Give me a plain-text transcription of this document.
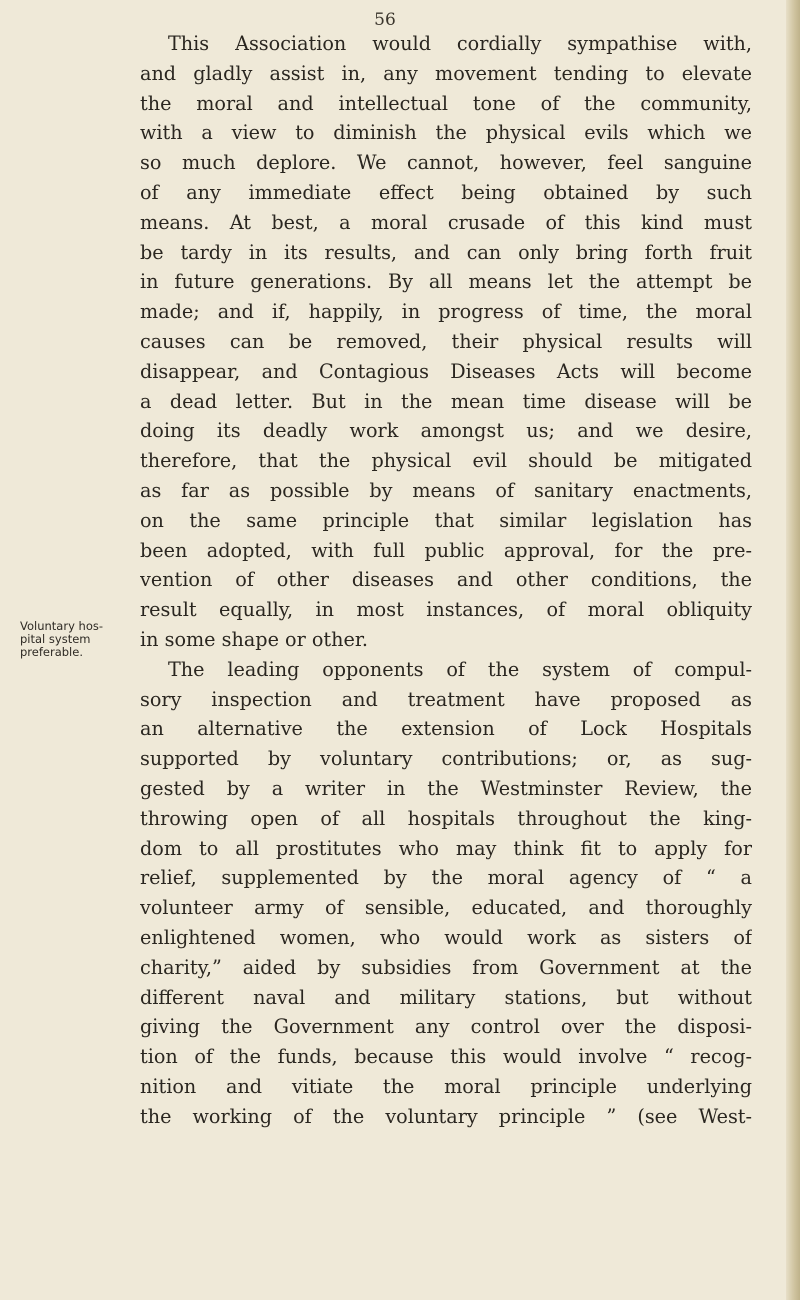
56
Voluntary hos-
pital system
preferable.
This Association would cordially sympathise with,
and gladly assist in, any movement tending to elevate
the moral and intellectual tone of the community,
with a view to diminish the physical evils which we
so much deplore. We cannot, however, feel sanguine
of any immediate effect being obtained by such
means. At best, a moral crusade of this kind must
be tardy in its results, and can only bring forth fruit
in future generations. By all means let the attempt be
made; and if, happily, in progress of time, the moral
causes can be removed, their physical results will
disappear, and Contagious Diseases Acts will become
a dead letter. But in the mean time disease will be
doing its deadly work amongst us; and we desire,
therefore, that the physical evil should be mitigated
as far as possible by means of sanitary enactments,
on the same principle that similar legislation has
been adopted, with full public approval, for the pre-
vention of other diseases and other conditions, the
result equally, in most instances, of moral obliquity
in some shape or other.
The leading opponents of the system of compul-
sory inspection and treatment have proposed as
an alternative the extension of Lock Hospitals
supported by voluntary contributions; or, as sug-
gested by a writer in the Westminster Review, the
throwing open of all hospitals throughout the king-
dom to all prostitutes who may think fit to apply for
relief, supplemented by the moral agency of “ a
volunteer army of sensible, educated, and thoroughly
enlightened women, who would work as sisters of
charity,” aided by subsidies from Government at the
different naval and military stations, but without
giving the Government any control over the disposi-
tion of the funds, because this would involve “ recog-
nition and vitiate the moral principle underlying
the working of the voluntary principle ” (see West-
